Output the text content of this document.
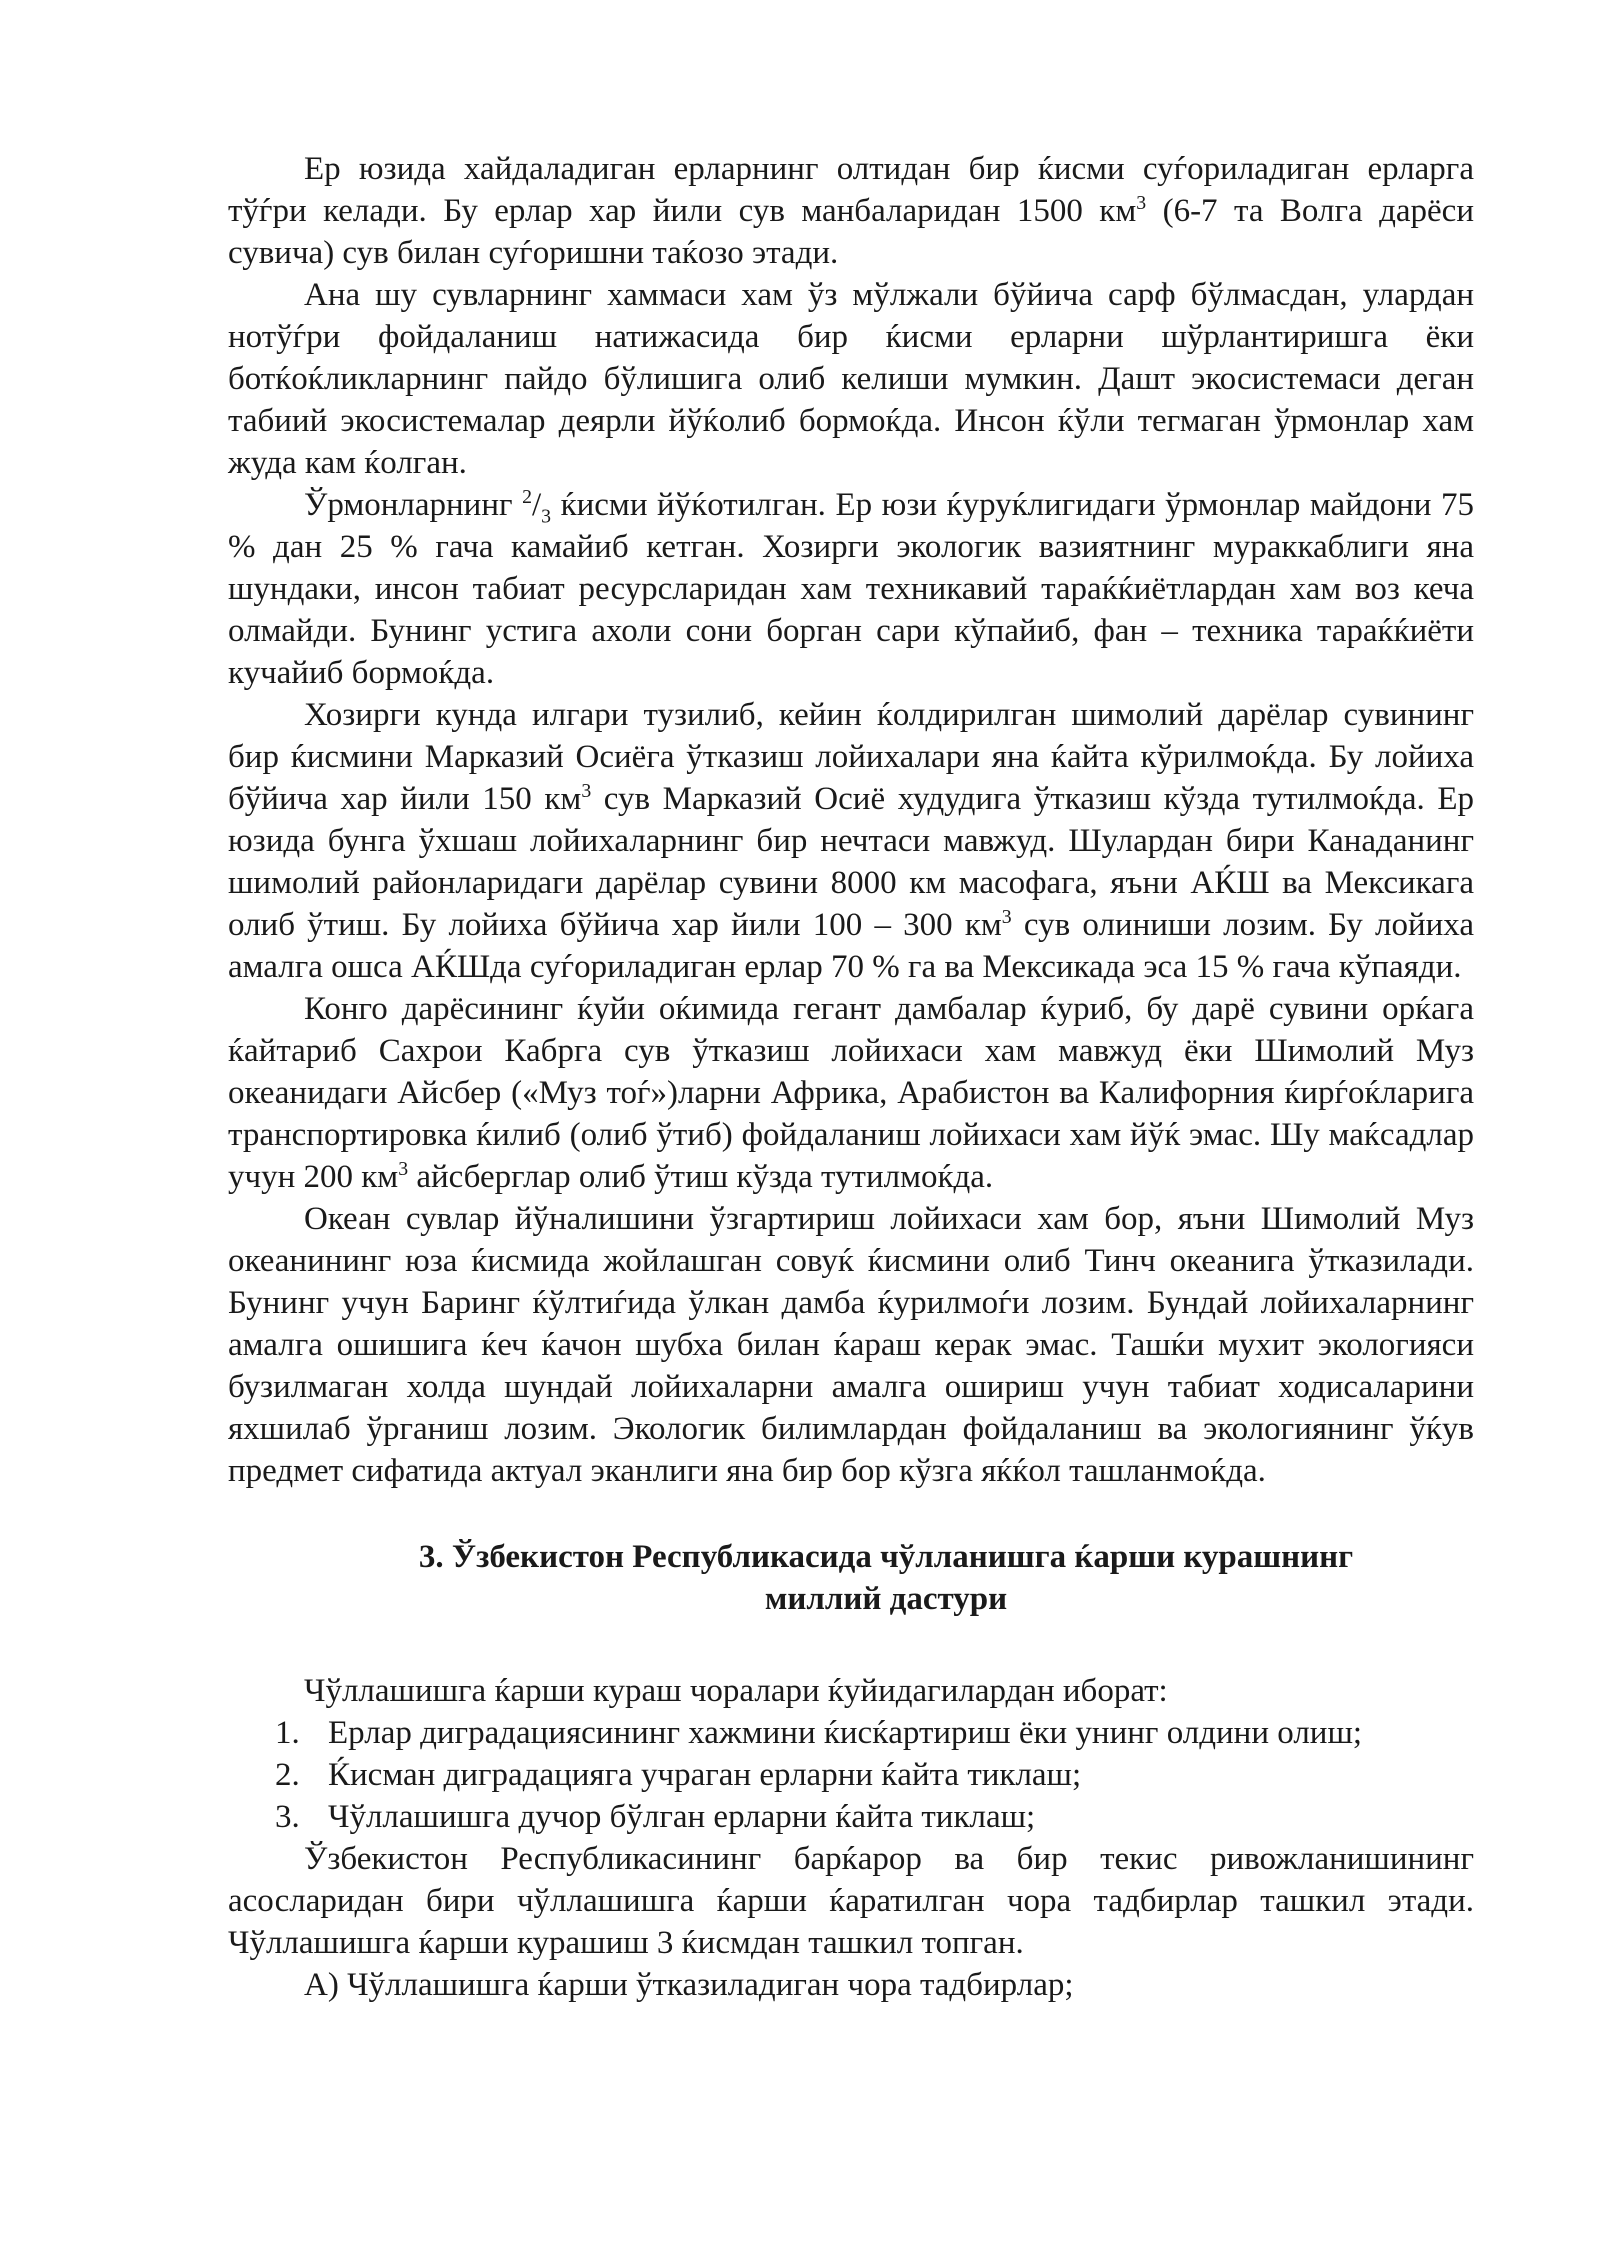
Ер юзида хайдаладиган ерларнинг олтидан бир ќисми суѓориладиган ерларга тўѓри келади. Бу ерлар хар йили сув манбаларидан 1500 $км^3$ (6-7 та Волга дарёси сувича) сув билан суѓоришни таќозо этади.

Ана шу сувларнинг хаммаси хам ўз мўлжали бўйича сарф бўлмасдан, улардан нотўѓри фойдаланиш натижасида бир ќисми ерларни шўрлантиришга ёки ботќоќликларнинг пайдо бўлишига олиб келиши мумкин. Дашт экосистемаси деган табиий экосистемалар деярли йўќолиб бормоќда. Инсон ќўли тегмаган ўрмонлар хам жуда кам ќолган.

Ўрмонларнинг $^2/_3$ ќисми йўќотилган. Ер юзи ќуруќлигидаги ўрмонлар майдони 75 % дан 25 % гача камайиб кетган. Хозирги экологик вазиятнинг мураккаблиги яна шундаки, инсон табиат ресурсларидан хам техникавий тараќќиётлардан хам воз кеча олмайди. Бунинг устига ахоли сони борган сари кўпайиб, фан – техника тараќќиёти кучайиб бормоќда.

Хозирги кунда илгари тузилиб, кейин ќолдирилган шимолий дарёлар сувининг бир ќисмини Марказий Осиёга ўтказиш лойихалари яна ќайта кўрилмоќда. Бу лойиха бўйича хар йили 150 $км^3$ сув Марказий Осиё худудига ўтказиш кўзда тутилмоќда. Ер юзида бунга ўхшаш лойихаларнинг бир нечтаси мавжуд. Шулардан бири Канаданинг шимолий районларидаги дарёлар сувини 8000 км масофага, яъни АЌШ ва Мексикага олиб ўтиш. Бу лойиха бўйича хар йили 100 – 300 $км^3$ сув олиниши лозим. Бу лойиха амалга ошса АЌШда суѓориладиган ерлар 70 % га ва Мексикада эса 15 % гача кўпаяди.

Конго дарёсининг ќуйи оќимида гегант дамбалар ќуриб, бу дарё сувини орќага ќайтариб Сахрои Кабрга сув ўтказиш лойихаси хам мавжуд ёки Шимолий Муз океанидаги Айсбер («Муз тоѓ»)ларни Африка, Арабистон ва Калифорния ќирѓоќларига транспортировка ќилиб (олиб ўтиб) фойдаланиш лойихаси хам йўќ эмас. Шу маќсадлар учун 200 $км^3$ айсберглар олиб ўтиш кўзда тутилмоќда.

Океан сувлар йўналишини ўзгартириш лойихаси хам бор, яъни Шимолий Муз океанининг юза ќисмида жойлашган совуќ ќисмини олиб Тинч океанига ўтказилади. Бунинг учун Баринг ќўлтиѓида ўлкан дамба ќурилмоѓи лозим. Бундай лойихаларнинг амалга ошишига ќеч ќачон шубха билан ќараш керак эмас. Ташќи мухит экологияси бузилмаган холда шундай лойихаларни амалга ошириш учун табиат ходисаларини яхшилаб ўрганиш лозим. Экологик билимлардан фойдаланиш ва экологиянинг ўќув предмет сифатида актуал эканлиги яна бир бор кўзга яќќол ташланмоќда.

3. Ўзбекистон Республикасида чўлланишга ќарши курашнинг
миллий дастури

Чўллашишга ќарши кураш чоралари ќуйидагилардан иборат:

1. Ерлар диградациясининг хажмини ќисќартириш ёки унинг олдини олиш;
2. Ќисман диградацияга учраган ерларни ќайта тиклаш;
3. Чўллашишга дучор бўлган ерларни ќайта тиклаш;

Ўзбекистон Республикасининг барќарор ва бир текис ривожланишининг асосларидан бири чўллашишга ќарши ќаратилган чора тадбирлар ташкил этади. Чўллашишга ќарши курашиш 3 ќисмдан ташкил топган.

А) Чўллашишга ќарши ўтказиладиган чора тадбирлар;
